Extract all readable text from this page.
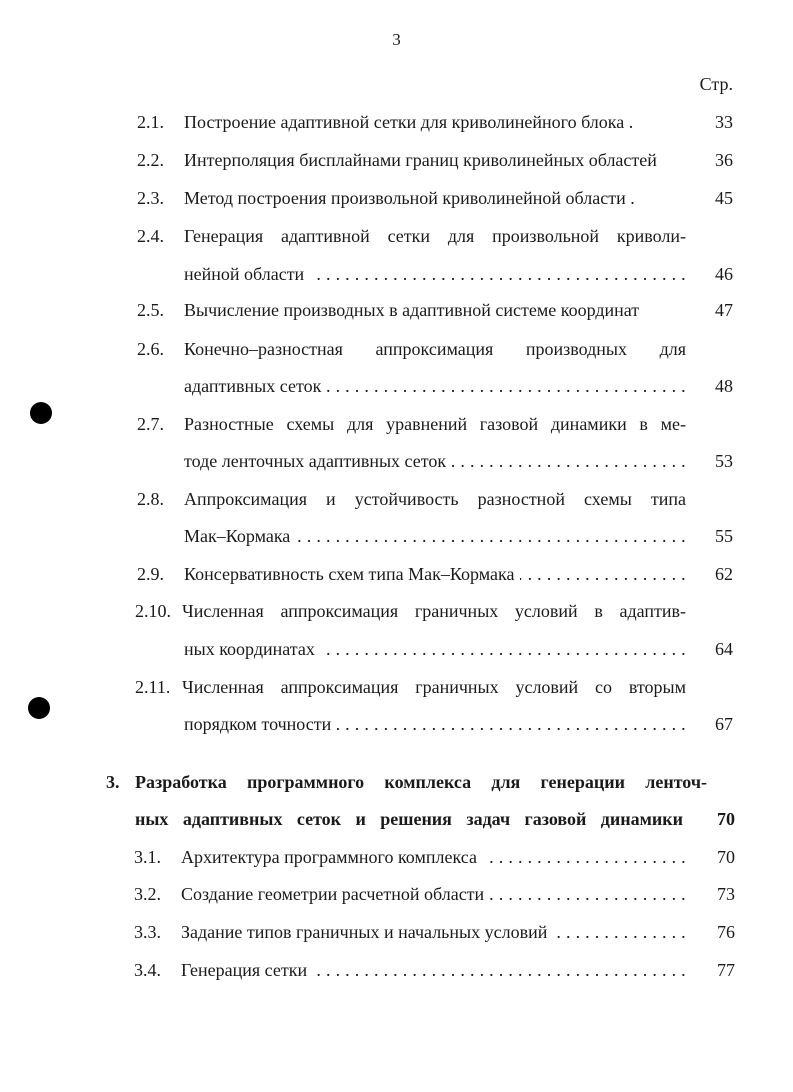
3
Стр.
2.1. Построение адаптивной сетки для криволинейного блока .	33
2.2. Интерполяция бисплайнами границ криволинейных областей	36
2.3. Метод построения произвольной криволинейной области .	45
2.4. Генерация адаптивной сетки для произвольной криволи-
нейной области . . .	46
2.5. Вычисление производных в адаптивной системе координат	47
2.6. Конечно–разностная аппроксимация производных для
адаптивных сеток . . .	48
2.7. Разностные схемы для уравнений газовой динамики в ме-
тоде ленточных адаптивных сеток . . .	53
2.8. Аппроксимация и устойчивость разностной схемы типа
Мак–Кормака . . .	55
2.9. Консервативность схем типа Мак–Кормака . . .	62
2.10. Численная аппроксимация граничных условий в адаптив-
ных координатах . . .	64
2.11. Численная аппроксимация граничных условий со вторым
порядком точности . . .	67
3. Разработка программного комплекса для генерации ленточ-
ных адаптивных сеток и решения задач газовой динамики	70
3.1. Архитектура программного комплекса . . .	70
3.2. Создание геометрии расчетной области . . .	73
3.3. Задание типов граничных и начальных условий . . .	76
3.4. Генерация сетки . . .	77
